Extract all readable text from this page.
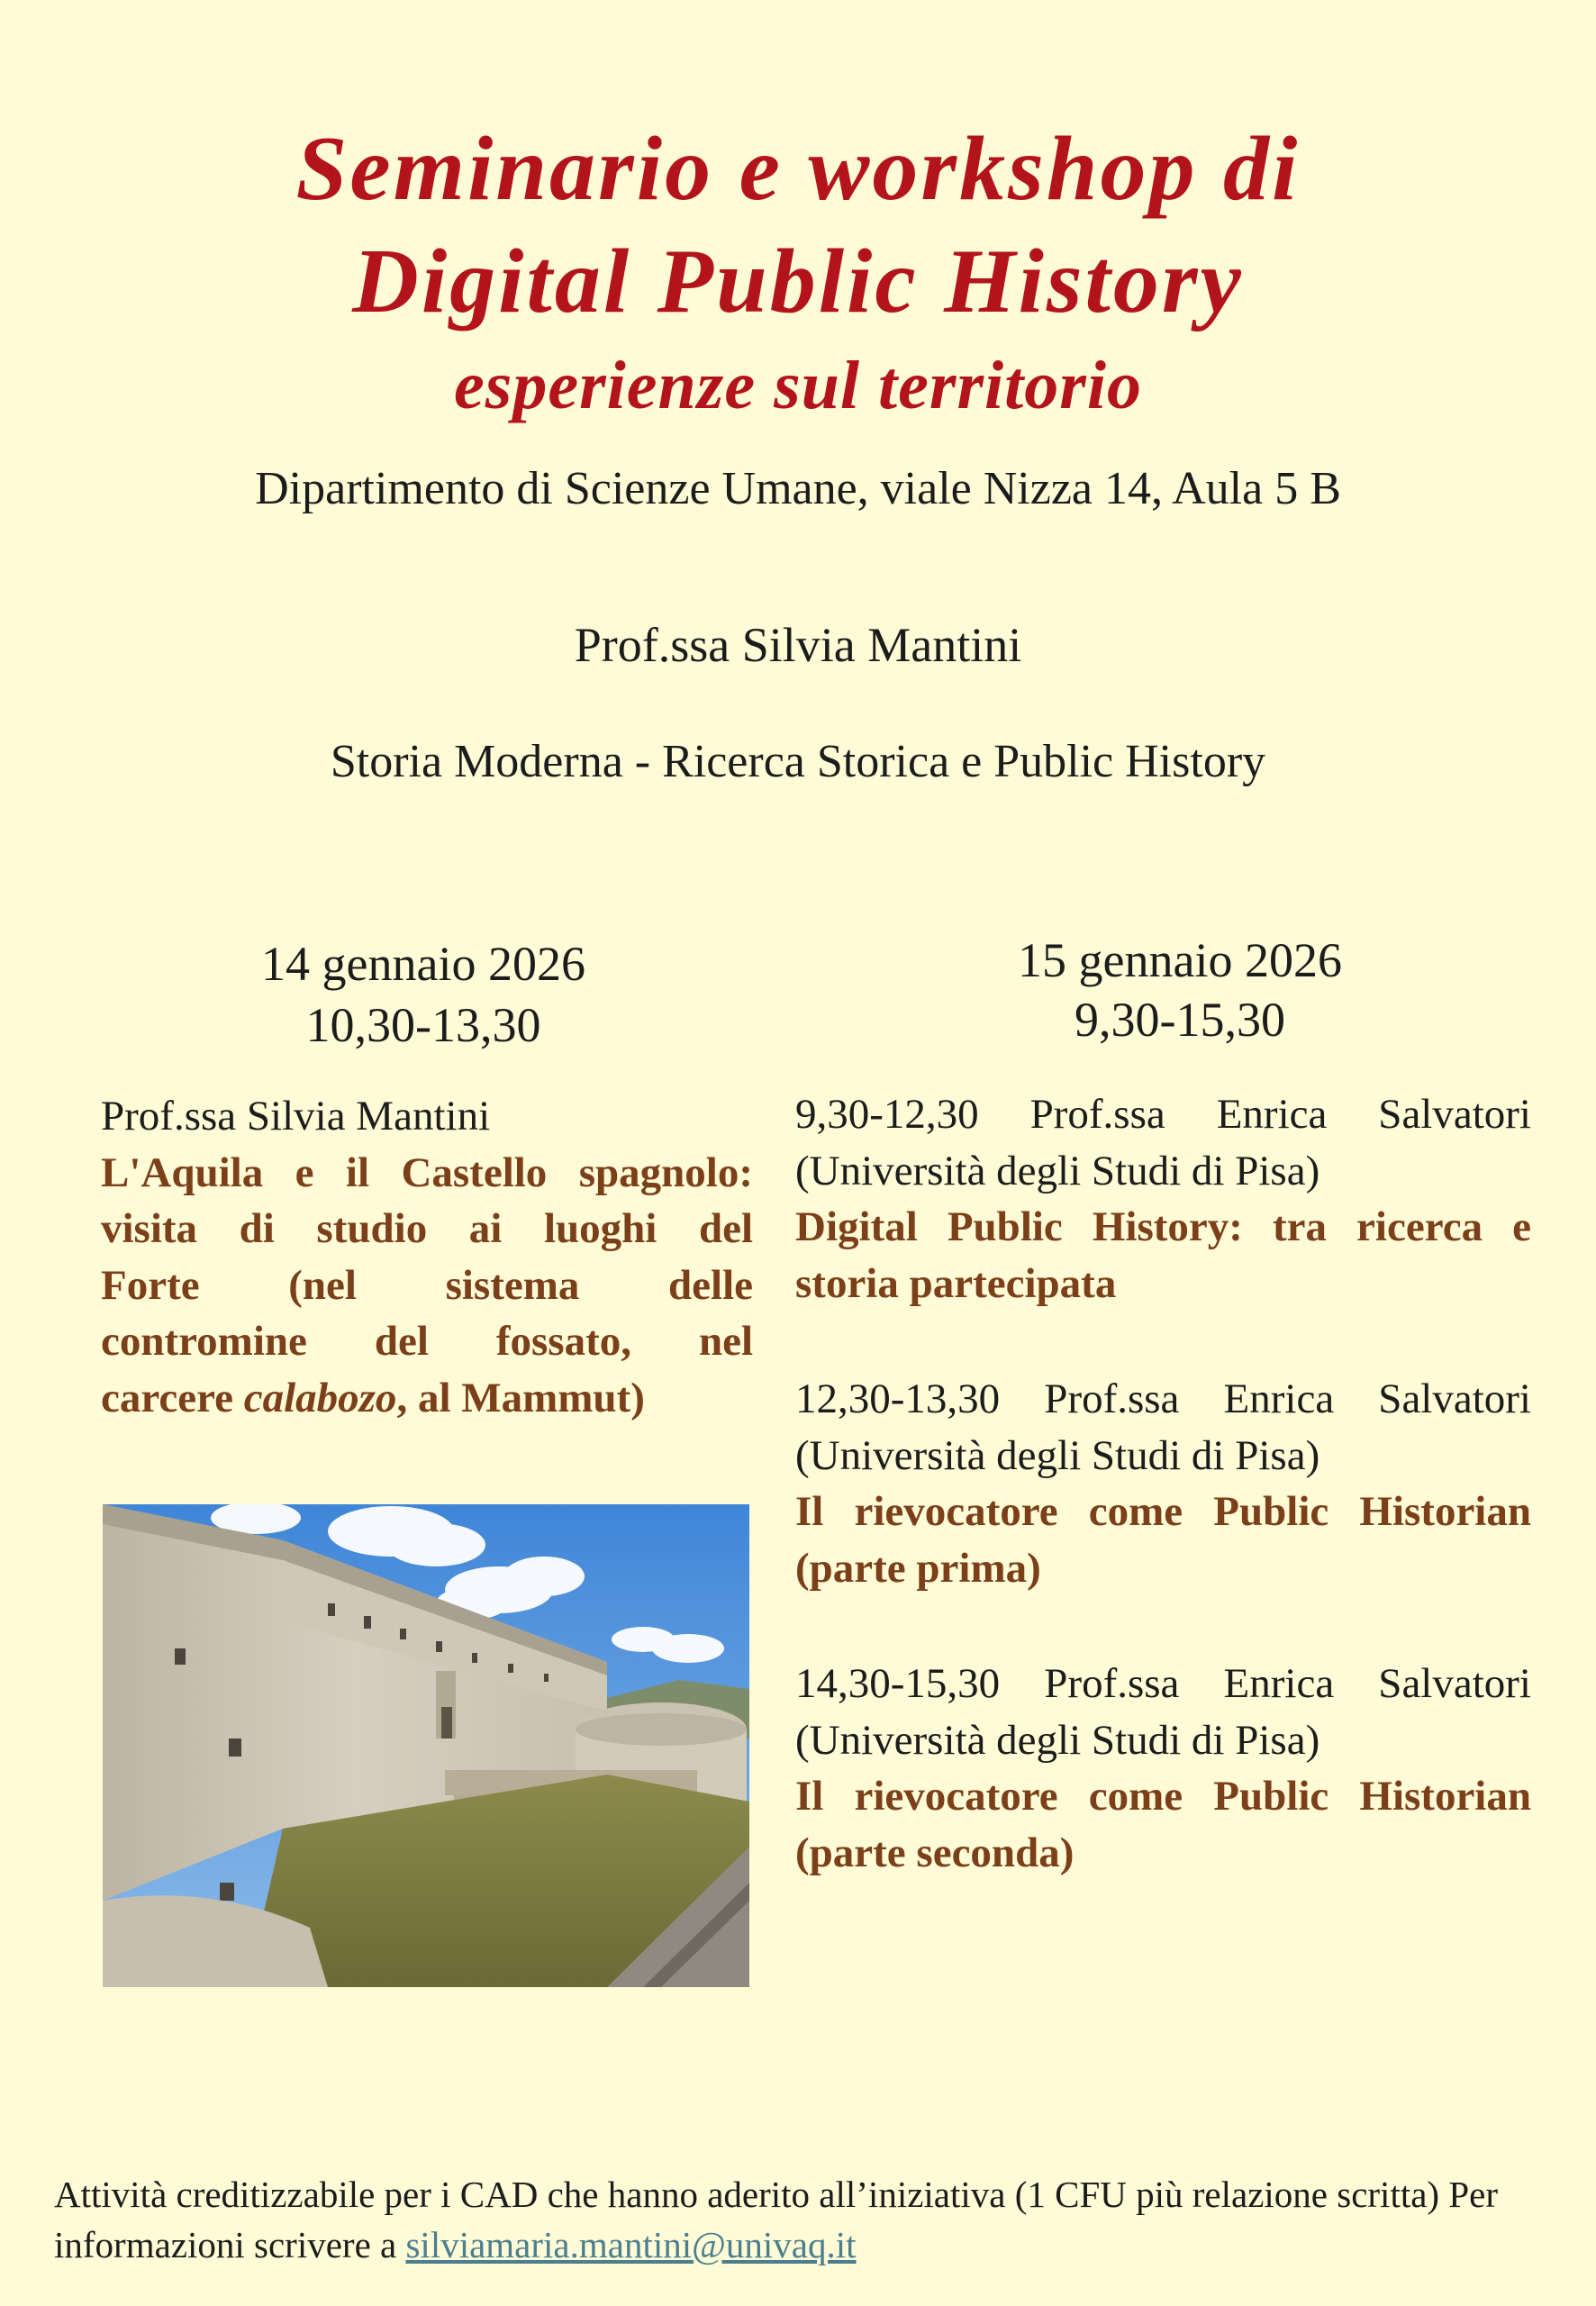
Seminario e workshop di
Digital Public History
esperienze sul territorio
Dipartimento di Scienze Umane, viale Nizza 14, Aula 5 B
Prof.ssa Silvia Mantini
Storia Moderna - Ricerca Storica e Public History
14 gennaio 2026
10,30-13,30
Prof.ssa Silvia Mantini
L'Aquila e il Castello spagnolo:
visita di studio ai luoghi del
Forte (nel sistema delle
contromine del fossato, nel
carcere calabozo, al Mammut)
15 gennaio 2026
9,30-15,30
9,30-12,30 Prof.ssa Enrica Salvatori
(Università degli Studi di Pisa)
Digital Public History: tra ricerca e storia partecipata
12,30-13,30 Prof.ssa Enrica Salvatori
(Università degli Studi di Pisa)
Il rievocatore come Public Historian (parte prima)
14,30-15,30 Prof.ssa Enrica Salvatori
(Università degli Studi di Pisa)
Il rievocatore come Public Historian (parte seconda)
Attività creditizzabile per i CAD che hanno aderito all’iniziativa (1 CFU più relazione scritta) Per informazioni scrivere a silviamaria.mantini@univaq.it
